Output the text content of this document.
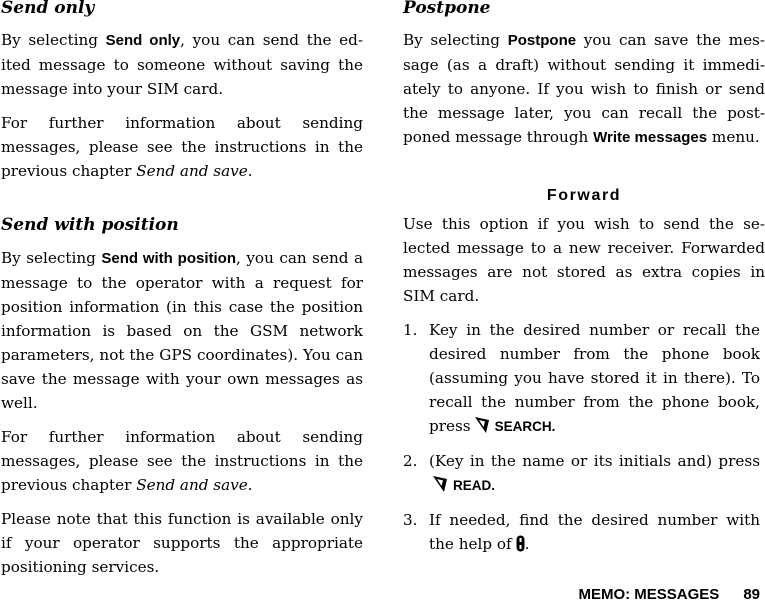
Send only

By selecting Send only, you can send the edited message to someone without saving the message into your SIM card.

For further information about sending messages, please see the instructions in the previous chapter Send and save.

Send with position

By selecting Send with position, you can send a message to the operator with a request for position information (in this case the position information is based on the GSM network parameters, not the GPS coordinates). You can save the message with your own messages as well.

For further information about sending messages, please see the instructions in the previous chapter Send and save.

Please note that this function is available only if your operator supports the appropriate positioning services.

Postpone

By selecting Postpone you can save the message (as a draft) without sending it immediately to anyone. If you wish to finish or send the message later, you can recall the postponed message through Write messages menu.

Forward

Use this option if you wish to send the selected message to a new receiver. Forwarded messages are not stored as extra copies in SIM card.

1. Key in the desired number or recall the desired number from the phone book (assuming you have stored it in there). To recall the number from the phone book, press SEARCH.
2. (Key in the name or its initials and) pressREAD.
3. If needed, find the desired number with the help of .
MEMO: MESSAGES 89
